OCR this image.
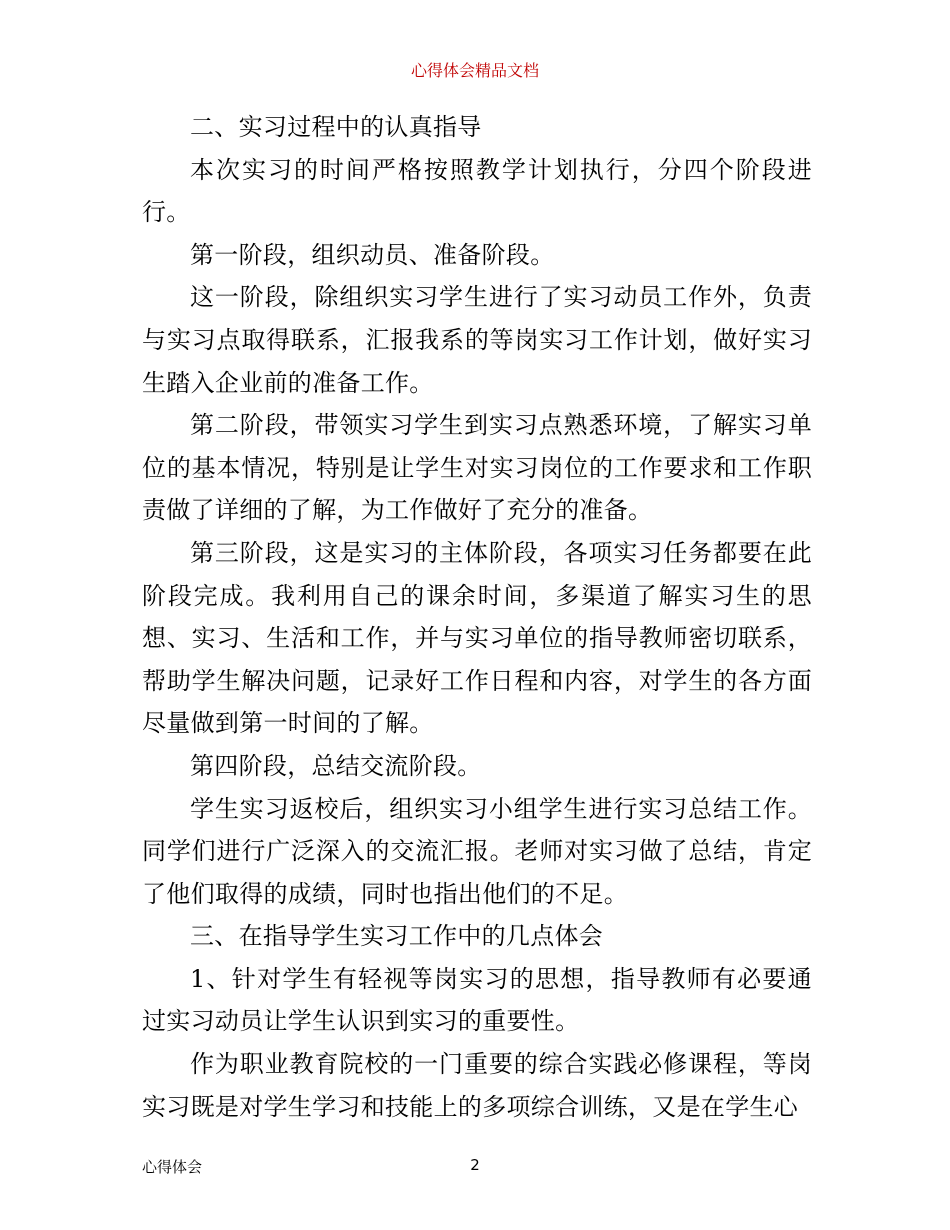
心得体会精品文档

二、实习过程中的认真指导

本次实习的时间严格按照教学计划执行，分四个阶段进行。

第一阶段，组织动员、准备阶段。

这一阶段，除组织实习学生进行了实习动员工作外，负责与实习点取得联系，汇报我系的等岗实习工作计划，做好实习生踏入企业前的准备工作。

第二阶段，带领实习学生到实习点熟悉环境，了解实习单位的基本情况，特别是让学生对实习岗位的工作要求和工作职责做了详细的了解，为工作做好了充分的准备。

第三阶段，这是实习的主体阶段，各项实习任务都要在此阶段完成。我利用自己的课余时间，多渠道了解实习生的思想、实习、生活和工作，并与实习单位的指导教师密切联系，帮助学生解决问题，记录好工作日程和内容，对学生的各方面尽量做到第一时间的了解。

第四阶段，总结交流阶段。

学生实习返校后，组织实习小组学生进行实习总结工作。同学们进行广泛深入的交流汇报。老师对实习做了总结，肯定了他们取得的成绩，同时也指出他们的不足。

三、在指导学生实习工作中的几点体会

1、针对学生有轻视等岗实习的思想，指导教师有必要通过实习动员让学生认识到实习的重要性。

作为职业教育院校的一门重要的综合实践必修课程，等岗实习既是对学生学习和技能上的多项综合训练，又是在学生心

心得体会	2
